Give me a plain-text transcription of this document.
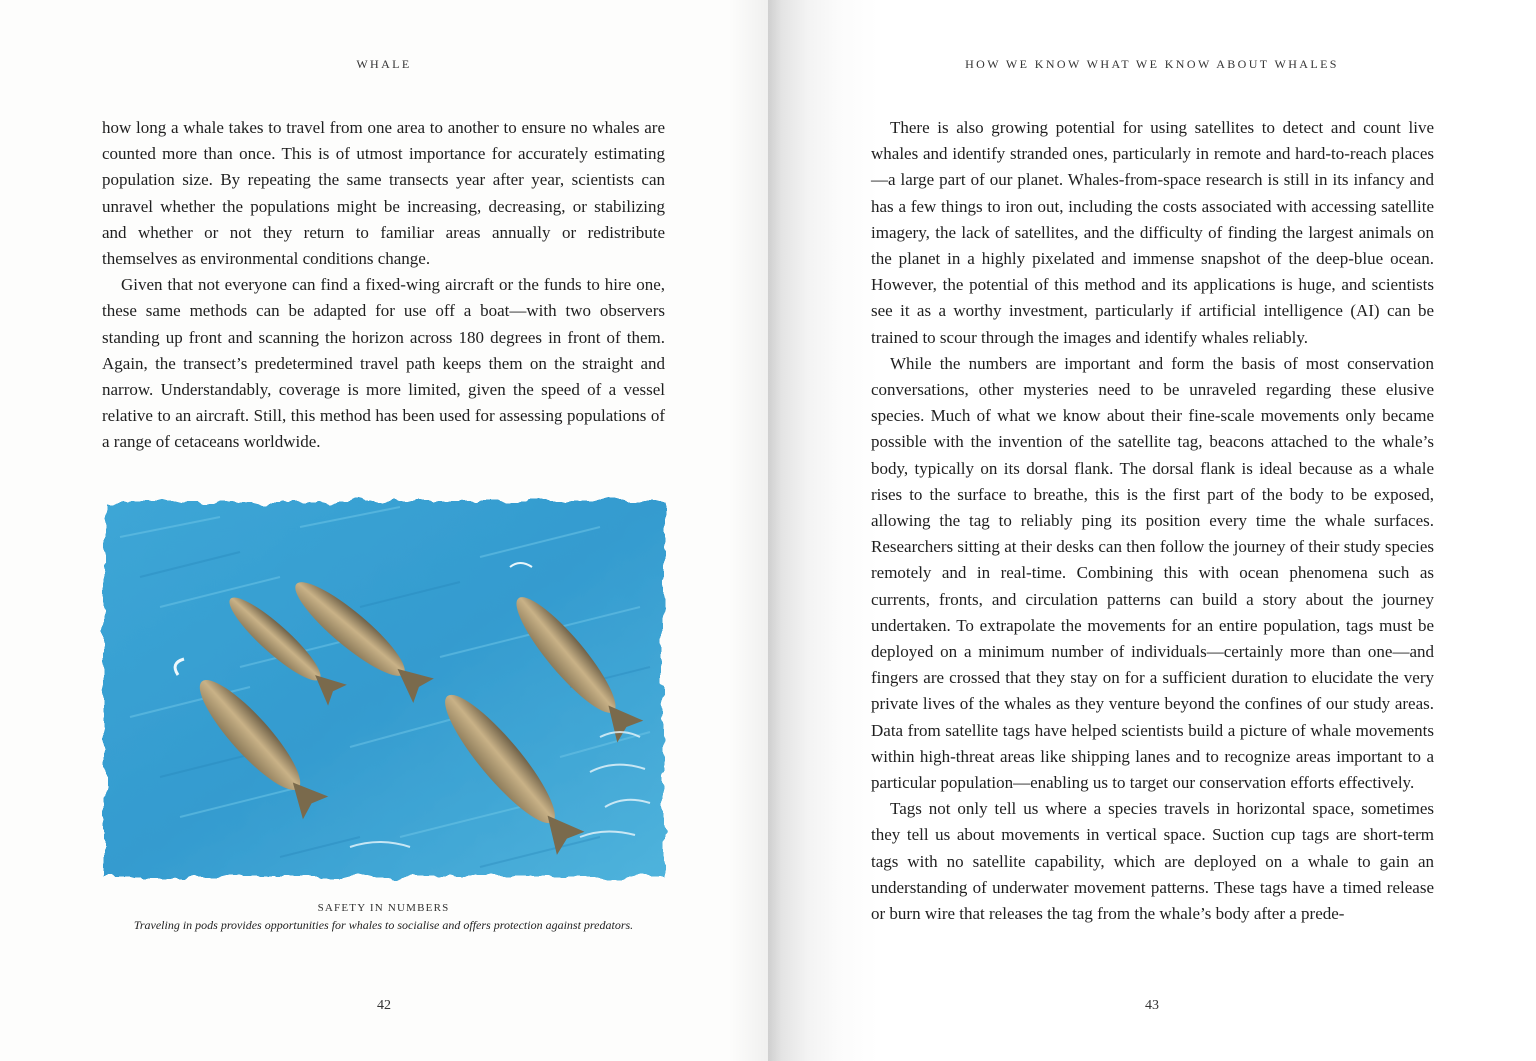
WHALE

how long a whale takes to travel from one area to another to ensure no whales are counted more than once. This is of utmost importance for accurately estimating population size. By repeating the same transects year after year, scientists can unravel whether the populations might be increasing, decreasing, or stabilizing and whether or not they return to familiar areas annually or redistribute themselves as environmental conditions change.

Given that not everyone can find a fixed-wing aircraft or the funds to hire one, these same methods can be adapted for use off a boat—with two observers standing up front and scanning the horizon across 180 degrees in front of them. Again, the transect’s predetermined travel path keeps them on the straight and narrow. Understandably, coverage is more limited, given the speed of a vessel relative to an aircraft. Still, this method has been used for assessing populations of a range of cetaceans worldwide.

SAFETY IN NUMBERS
Traveling in pods provides opportunities for whales to socialise and offers protection against predators.
42
HOW WE KNOW WHAT WE KNOW ABOUT WHALES

There is also growing potential for using satellites to detect and count live whales and identify stranded ones, particularly in remote and hard-to-reach places—a large part of our planet. Whales-from-space research is still in its infancy and has a few things to iron out, including the costs associated with accessing satellite imagery, the lack of satellites, and the difficulty of finding the largest animals on the planet in a highly pixelated and immense snapshot of the deep-blue ocean. However, the potential of this method and its applications is huge, and scientists see it as a worthy investment, particularly if artificial intelligence (AI) can be trained to scour through the images and identify whales reliably.

While the numbers are important and form the basis of most conservation conversations, other mysteries need to be unraveled regarding these elusive species. Much of what we know about their fine-scale movements only became possible with the invention of the satellite tag, beacons attached to the whale’s body, typically on its dorsal flank. The dorsal flank is ideal because as a whale rises to the surface to breathe, this is the first part of the body to be exposed, allowing the tag to reliably ping its position every time the whale surfaces. Researchers sitting at their desks can then follow the journey of their study species remotely and in real-time. Combining this with ocean phenomena such as currents, fronts, and circulation patterns can build a story about the journey undertaken. To extrapolate the movements for an entire population, tags must be deployed on a minimum number of individuals—certainly more than one—and fingers are crossed that they stay on for a sufficient duration to elucidate the very private lives of the whales as they venture beyond the confines of our study areas. Data from satellite tags have helped scientists build a picture of whale movements within high-threat areas like shipping lanes and to recognize areas important to a particular population—enabling us to target our conservation efforts effectively.

Tags not only tell us where a species travels in horizontal space, sometimes they tell us about movements in vertical space. Suction cup tags are short-term tags with no satellite capability, which are deployed on a whale to gain an understanding of underwater movement patterns. These tags have a timed release or burn wire that releases the tag from the whale’s body after a prede-

43
